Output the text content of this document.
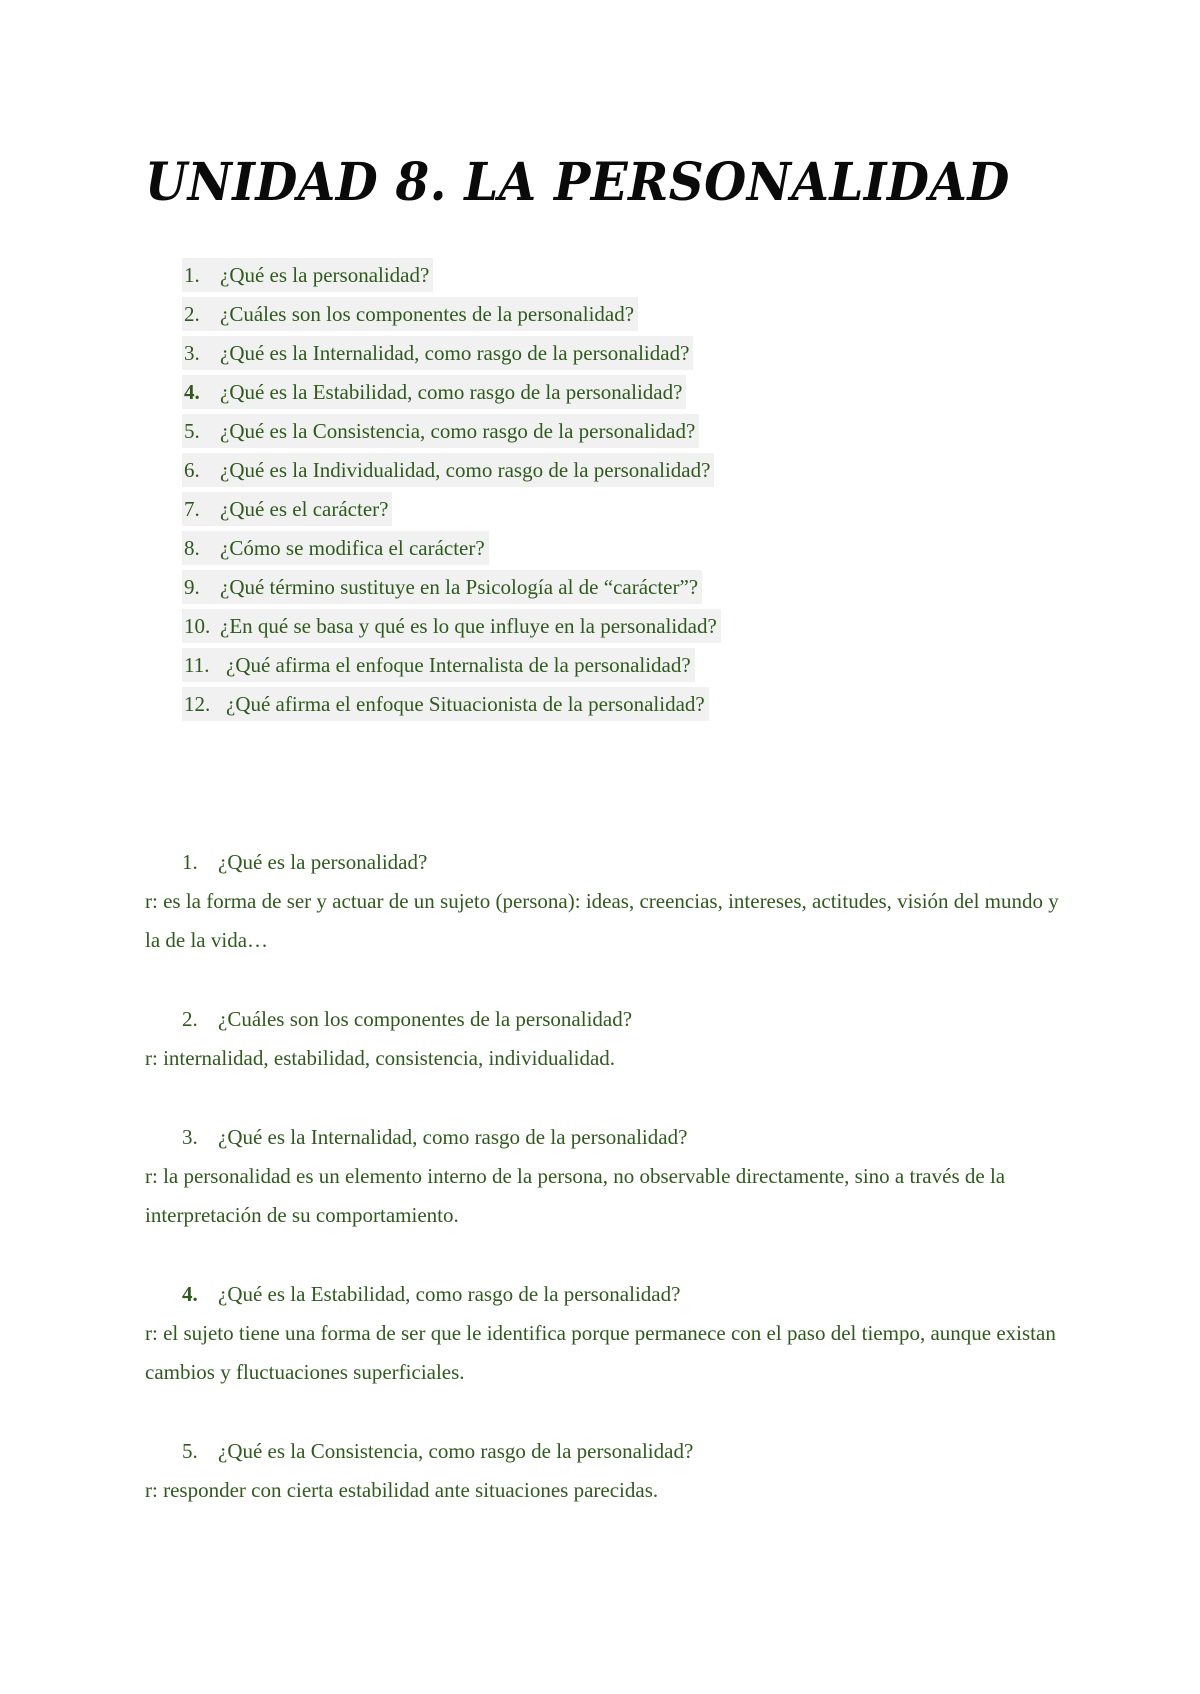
UNIDAD 8. LA PERSONALIDAD
1. ¿Qué es la personalidad?
2. ¿Cuáles son los componentes de la personalidad?
3. ¿Qué es la Internalidad, como rasgo de la personalidad?
4. ¿Qué es la Estabilidad, como rasgo de la personalidad?
5. ¿Qué es la Consistencia, como rasgo de la personalidad?
6. ¿Qué es la Individualidad, como rasgo de la personalidad?
7. ¿Qué es el carácter?
8. ¿Cómo se modifica el carácter?
9. ¿Qué término sustituye en la Psicología al de “carácter”?
10. ¿En qué se basa y qué es lo que influye en la personalidad?
11. ¿Qué afirma el enfoque Internalista de la personalidad?
12. ¿Qué afirma el enfoque Situacionista de la personalidad?
1. ¿Qué es la personalidad?

r: es la forma de ser y actuar de un sujeto (persona): ideas, creencias, intereses, actitudes, visión del mundo y la de la vida…

2. ¿Cuáles son los componentes de la personalidad?

r: internalidad, estabilidad, consistencia, individualidad.

3. ¿Qué es la Internalidad, como rasgo de la personalidad?

r: la personalidad es un elemento interno de la persona, no observable directamente, sino a través de la interpretación de su comportamiento.

4. ¿Qué es la Estabilidad, como rasgo de la personalidad?

r: el sujeto tiene una forma de ser que le identifica porque permanece con el paso del tiempo, aunque existan cambios y fluctuaciones superficiales.

5. ¿Qué es la Consistencia, como rasgo de la personalidad?

r: responder con cierta estabilidad ante situaciones parecidas.
